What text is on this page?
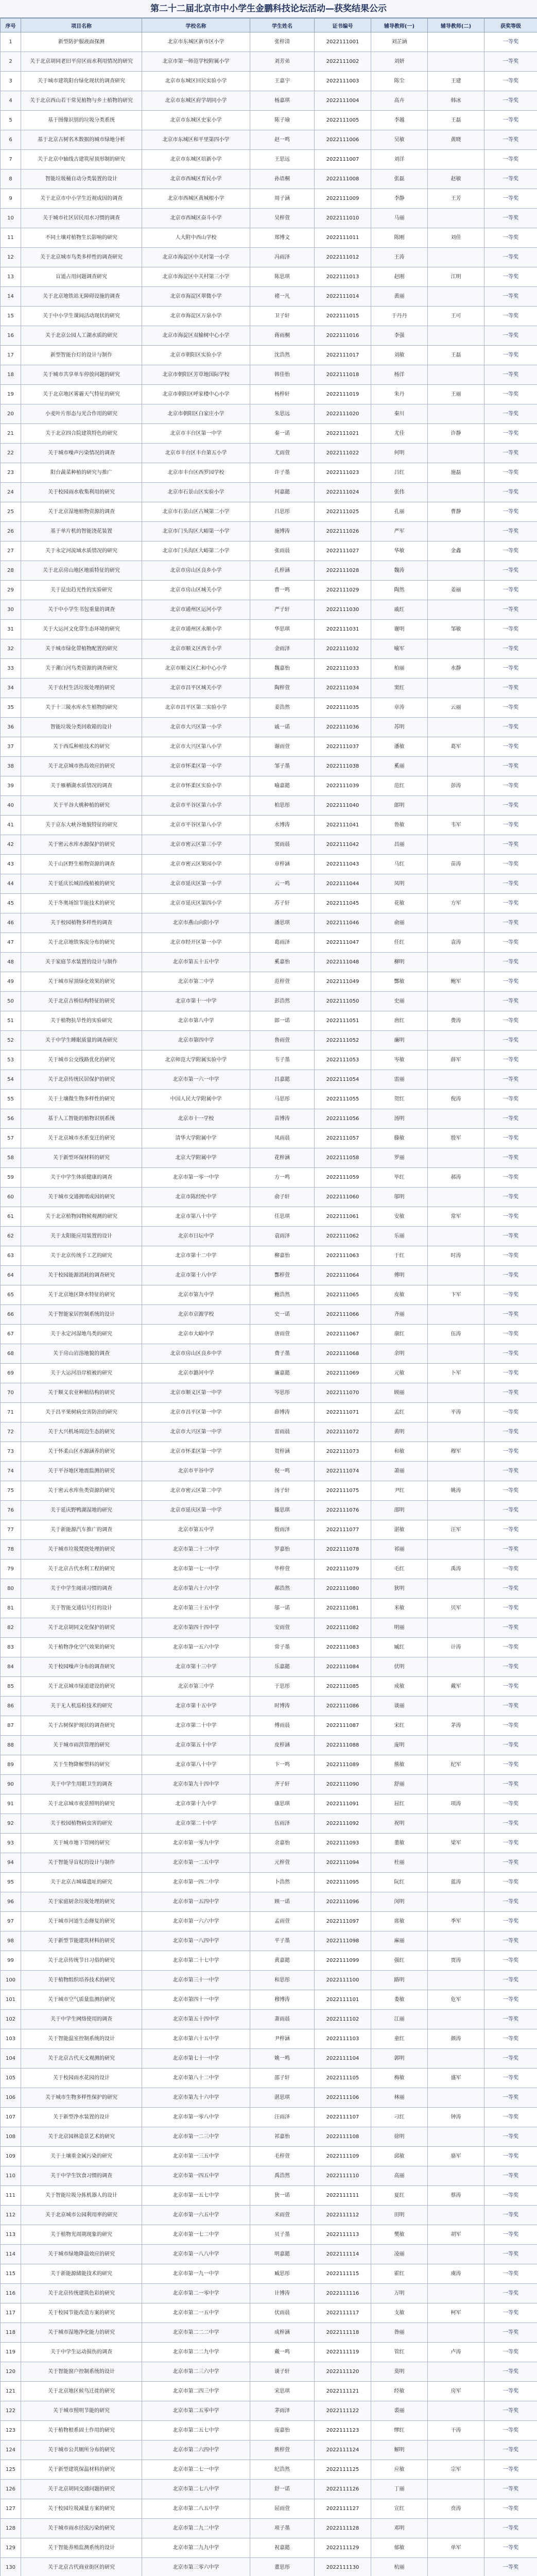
第二十二届北京市中小学生金鹏科技论坛活动—获奖结果公示
序号	项目名称	学校名称	学生姓名	证书编号	辅导教师(一)	辅导教师(二)	获奖等级
1	新型防护服液面探测	北京市东城区新市区小学	张梓清	2022111001	刘芷涵		一等奖
2	关于北京胡同老旧平房区雨水利用情况的研究	北京市第一师范学校附属小学	刘芳弟	2022111002	刘妍		一等奖
3	关于城市建筑阳台绿化现状的调查研究	北京市东城区回民实验小学	王嘉宇	2022111003	陈尘	王建	一等奖
4	关于北京西山若干常见植物与乡土植物的研究	北京市东城区府学胡同小学	杨嘉琪	2022111004	高卉	韩冰	一等奖
5	基于图像识别的垃圾分类系统	北京市东城区史家小学	陈子瑜	2022111005	李越	王磊	一等奖
6	基于北京古树名木数据的城市绿地分析	北京市东城区和平里第四小学	赵一鸣	2022111006	吴敏	黄晓	一等奖
7	关于北京中轴线古建筑屋顶形制的研究	北京市东城区培新小学	王思远	2022111007	刘洋		一等奖
8	智能垃圾桶自动分类装置的设计	北京市西城区育民小学	孙语桐	2022111008	张磊	赵敏	一等奖
9	关于北京市中小学生近视成因的调查	北京市西城区黄城根小学	周子涵	2022111009	李静	王芳	一等奖
10	关于城市社区居民用水习惯的调查	北京市西城区奋斗小学	吴梓萱	2022111010	马丽		一等奖
11	不同土壤对植物生长影响的研究	人大附中西山学校	郑博文	2022111011	陈刚	刘佳	一等奖
12	关于北京城市鸟类多样性的调查研究	北京市海淀区中关村第一小学	冯雨泽	2022111012	王涛		一等奖
13	盲道占用问题调查研究	北京市海淀区中关村第三小学	陈思琪	2022111013	赵刚	江明	一等奖
14	关于北京地铁站无障碍设施的调查	北京市海淀区翠微小学	褚一凡	2022111014	黄丽		一等奖
15	关于中小学生课间活动现状的研究	北京市海淀区万泉小学	卫子轩	2022111015	于丹丹	王可	一等奖
16	关于北京公园人工湖水质的研究	北京市海淀区双榆树中心小学	蒋雨桐	2022111016	李强		一等奖
17	新型智能台灯的设计与制作	北京市朝阳区实验小学	沈浩然	2022111017	刘敏	王磊	一等奖
18	关于城市共享单车停放问题的研究	北京市朝阳区芳草地国际学校	韩佳怡	2022111018	杨洋		一等奖
19	关于北京地区雾霾天气特征的研究	北京市朝阳区呼家楼中心小学	杨梓轩	2022111019	朱丹	王丽	一等奖
20	小麦叶片形态与光合作用的研究	北京市朝阳区白家庄小学	朱思远	2022111020	秦川		一等奖
21	关于北京四合院建筑特色的研究	北京市丰台区第一中学	秦一诺	2022111021	尤佳	许静	一等奖
22	关于城市噪声污染情况的调查	北京市丰台区丰台第五小学	尤雨萱	2022111022	何明		一等奖
23	阳台蔬菜种植的研究与推广	北京市丰台区西罗园学校	许子墨	2022111023	吕红	施磊	一等奖
24	关于校园雨水收集利用的研究	北京市石景山区实验小学	何嘉懿	2022111024	张伟		一等奖
25	关于北京湿地植物资源的调查	北京市石景山区古城第二小学	吕思彤	2022111025	孔丽	曹静	一等奖
26	基于单片机的智能浇花装置	北京市门头沟区大峪第一小学	施博涛	2022111026	严军		一等奖
27	关于永定河流域水质情况的研究	北京市门头沟区大峪第二小学	张雨晨	2022111027	华敏	金鑫	一等奖
28	关于北京房山地区地质特征的研究	北京市房山区良乡小学	孔梓涵	2022111028	魏涛		一等奖
29	关于昆虫趋光性的实验研究	北京市房山区城关小学	曹一鸣	2022111029	陶然	姜丽	一等奖
30	关于中小学生书包重量的调查	北京市通州区运河小学	严子轩	2022111030	戚红		一等奖
31	关于大运河文化带生态环境的研究	北京市通州区永顺小学	华思琪	2022111031	谢明	邹敏	一等奖
32	关于城市绿化带植物配置的研究	北京市顺义区西辛小学	金雨泽	2022111032	喻军		一等奖
33	关于潮白河鸟类资源的调查研究	北京市顺义区仁和中心小学	魏嘉怡	2022111033	柏丽	水静	一等奖
34	关于农村生活垃圾处理的研究	北京市昌平区城关小学	陶梓萱	2022111034	窦红		一等奖
35	关于十三陵水库水生植物的研究	北京市昌平区第二实验小学	姜浩然	2022111035	章涛	云丽	一等奖
36	智能垃圾分类回收箱的设计	北京市大兴区第一小学	戚一诺	2022111036	苏明		一等奖
37	关于西瓜种植技术的研究	北京市大兴区第八小学	谢雨萱	2022111037	潘敏	葛军	一等奖
38	关于北京城市热岛效应的研究	北京市怀柔区第一小学	邹子墨	2022111038	奚丽		一等奖
39	关于雁栖湖水质情况的调查	北京市怀柔区实验小学	喻嘉懿	2022111039	范红	彭涛	一等奖
40	关于平谷大桃种植的研究	北京市平谷区第六小学	柏思彤	2022111040	郎明		一等奖
41	关于京东大峡谷地貌特征的研究	北京市平谷区第八小学	水博涛	2022111041	鲁敏	韦军	一等奖
42	关于密云水库水源保护的研究	北京市密云区第三小学	窦雨晨	2022111042	昌丽		一等奖
43	关于山区野生植物资源的调查	北京市密云区果园小学	章梓涵	2022111043	马红	苗涛	一等奖
44	关于延庆长城沿线植被的研究	北京市延庆区第一小学	云一鸣	2022111044	凤明		一等奖
45	关于冬奥场馆节能技术的研究	北京市延庆区第四小学	苏子轩	2022111045	花敏	方军	一等奖
46	关于校园植物多样性的调查	北京市燕山向阳小学	潘思琪	2022111046	俞丽		一等奖
47	关于北京地铁客流分布的研究	北京市经开区第一小学	葛雨泽	2022111047	任红	袁涛	一等奖
48	关于家庭节水装置的设计与制作	北京市第五十五中学	奚嘉怡	2022111048	柳明		一等奖
49	关于城市屋顶绿化效果的研究	北京市第二中学	范梓萱	2022111049	酆敏	鲍军	一等奖
50	关于北京古桥结构特征的研究	北京市第十一中学	彭浩然	2022111050	史丽		一等奖
51	关于植物抗旱性的实验研究	北京市第八中学	郎一诺	2022111051	唐红	费涛	一等奖
52	关于中学生睡眠质量的调查研究	北京市第四中学	鲁雨萱	2022111052	廉明		一等奖
53	关于城市公交线路优化的研究	北京师范大学附属实验中学	韦子墨	2022111053	岑敏	薛军	一等奖
54	关于北京传统民居保护的研究	北京市第一六一中学	昌嘉懿	2022111054	雷丽		一等奖
55	关于土壤微生物多样性的研究	中国人民大学附属中学	马思彤	2022111055	贺红	倪涛	一等奖
56	基于人工智能的植物识别系统	北京市十一学校	苗博涛	2022111056	汤明		一等奖
57	关于北京城市水系变迁的研究	清华大学附属中学	凤雨晨	2022111057	滕敏	殷军	一等奖
58	关于新型环保材料的研究	北京大学附属中学	花梓涵	2022111058	罗丽		一等奖
59	关于中学生体质健康的调查	北京市第一零一中学	方一鸣	2022111059	毕红	郝涛	一等奖
60	关于城市交通拥堵成因的研究	北京市陈经纶中学	俞子轩	2022111060	邬明		一等奖
61	关于北京植物园物候观测的研究	北京市第八十中学	任思琪	2022111061	安敏	常军	一等奖
62	关于太阳能应用装置的设计	北京市日坛中学	袁雨泽	2022111062	乐丽		一等奖
63	关于北京传统手工艺的研究	北京市第十二中学	柳嘉怡	2022111063	于红	时涛	一等奖
64	关于校园能源消耗的调查研究	北京市第十八中学	酆梓萱	2022111064	傅明		一等奖
65	关于北京地区降水特征的研究	北京市第九中学	鲍浩然	2022111065	皮敏	卞军	一等奖
66	关于智能家居控制系统的设计	北京市京源学校	史一诺	2022111066	齐丽		一等奖
67	关于永定河湿地鸟类的研究	北京市大峪中学	唐雨萱	2022111067	康红	伍涛	一等奖
68	关于房山岩溶地貌的调查	北京市房山区良乡中学	费子墨	2022111068	余明		一等奖
69	关于大运河沿岸植被的研究	北京市潞河中学	廉嘉懿	2022111069	元敏	卜军	一等奖
70	关于顺义农业种植结构的研究	北京市顺义区第一中学	岑思彤	2022111070	顾丽		一等奖
71	关于昌平果树病虫害防治的研究	北京市昌平区第一中学	薛博涛	2022111071	孟红	平涛	一等奖
72	关于大兴机场周边生态的研究	北京市大兴区第一中学	雷雨晨	2022111072	黄明		一等奖
73	关于怀柔山区水源涵养的研究	北京市怀柔区第一中学	贺梓涵	2022111073	和敏	穆军	一等奖
74	关于平谷地区地震监测的研究	北京市平谷中学	倪一鸣	2022111074	萧丽		一等奖
75	关于密云水库鱼类资源的研究	北京市密云区第二中学	汤子轩	2022111075	尹红	姚涛	一等奖
76	关于延庆野鸭湖湿地的研究	北京市延庆区第一中学	滕思琪	2022111076	邵明		一等奖
77	关于新能源汽车推广的调查	北京市第五中学	殷雨泽	2022111077	湛敏	汪军	一等奖
78	关于城市垃圾焚烧处理的研究	北京市第二十二中学	罗嘉怡	2022111078	祁丽		一等奖
79	关于北京古代水利工程的研究	北京市第一七一中学	毕梓萱	2022111079	毛红	禹涛	一等奖
80	关于中学生阅读习惯的调查	北京市第六十六中学	郝浩然	2022111080	狄明		一等奖
81	关于智能交通信号灯的设计	北京市第三十五中学	邬一诺	2022111081	米敏	贝军	一等奖
82	关于北京胡同文化保护的研究	北京市第四十四中学	安雨萱	2022111082	明丽		一等奖
83	关于植物净化空气效果的研究	北京市第一五六中学	常子墨	2022111083	臧红	计涛	一等奖
84	关于校园噪声分布的调查研究	北京市第十三中学	乐嘉懿	2022111084	伏明		一等奖
85	关于北京城市绿道建设的研究	北京市第三中学	于思彤	2022111085	成敏	戴军	一等奖
86	关于无人机巡检技术的研究	北京市第十五中学	时博涛	2022111086	谈丽		一等奖
87	关于古树保护现状的调查研究	北京市第二十中学	傅雨晨	2022111087	宋红	茅涛	一等奖
88	关于城市雨洪管理的研究	北京市第五十中学	皮梓涵	2022111088	庞明		一等奖
89	关于生物降解塑料的研究	北京市第八十中学	卞一鸣	2022111089	熊敏	纪军	一等奖
90	关于中学生用眼卫生的调查	北京市第九十四中学	齐子轩	2022111090	舒丽		一等奖
91	关于北京城市夜景照明的研究	北京市第十九中学	康思琪	2022111091	屈红	项涛	一等奖
92	关于校园植物病虫害的研究	北京市第二十中学	伍雨泽	2022111092	祝明		一等奖
93	关于城市地下管网的研究	北京市第一零九中学	余嘉怡	2022111093	董敏	梁军	一等奖
94	关于智能导盲杖的设计与制作	北京市第一二五中学	元梓萱	2022111094	杜丽		一等奖
95	关于北京古城墙遗址的研究	北京市第一四二中学	卜浩然	2022111095	阮红	蓝涛	一等奖
96	关于家庭厨余垃圾处理的研究	北京市第一五四中学	顾一诺	2022111096	闵明		一等奖
97	关于城市河道生态修复的研究	北京市第一六六中学	孟雨萱	2022111097	席敏	季军	一等奖
98	关于新型节能建筑材料的研究	北京市第一八四中学	平子墨	2022111098	麻丽		一等奖
99	关于北京传统节日习俗的研究	北京市第二十七中学	黄嘉懿	2022111099	强红	贾涛	一等奖
100	关于植物组织培养技术的研究	北京市第三十一中学	和思彤	2022111100	路明		一等奖
101	关于城市空气质量监测的研究	北京市第四十一中学	穆博涛	2022111101	娄敏	危军	一等奖
102	关于中学生网络使用的调查	北京市第五十四中学	萧雨晨	2022111102	江丽		一等奖
103	关于智能温室控制系统的设计	北京市第六十五中学	尹梓涵	2022111103	童红	颜涛	一等奖
104	关于北京古代天文观测的研究	北京市第七十一中学	姚一鸣	2022111104	郭明		一等奖
105	关于校园雨水花园的设计	北京市第八十二中学	邵子轩	2022111105	梅敏	盛军	一等奖
106	关于城市生物多样性保护的研究	北京市第九十六中学	湛思琪	2022111106	林丽		一等奖
107	关于新型净水装置的设计	北京市第一零八中学	汪雨泽	2022111107	刁红	钟涛	一等奖
108	关于北京园林造景艺术的研究	北京市第一二三中学	祁嘉怡	2022111108	徐明		一等奖
109	关于土壤重金属污染的研究	北京市第一三五中学	毛梓萱	2022111109	邱敏	骆军	一等奖
110	关于中学生饮食习惯的调查	北京市第一四五中学	禹浩然	2022111110	高丽		一等奖
111	关于智能垃圾分拣机器人的设计	北京市第一五七中学	狄一诺	2022111111	夏红	蔡涛	一等奖
112	关于北京城市公园利用率的研究	北京市第一六五中学	米雨萱	2022111112	田明		一等奖
113	关于植物光周期现象的研究	北京市第一七二中学	贝子墨	2022111113	樊敏	胡军	一等奖
114	关于城市绿地降温效应的研究	北京市第一八八中学	明嘉懿	2022111114	凌丽		一等奖
115	关于新能源储能技术的研究	北京市第一九一中学	臧思彤	2022111115	霍红	虞涛	一等奖
116	关于北京传统建筑色彩的研究	北京市第二一零中学	计博涛	2022111116	万明		一等奖
117	关于校园节能改造方案的研究	北京市第二一五中学	伏雨晨	2022111117	支敏	柯军	一等奖
118	关于城市湿地净化能力的研究	北京市第二二二中学	成梓涵	2022111118	昝丽		一等奖
119	关于中学生运动损伤的调查	北京市第二二九中学	戴一鸣	2022111119	管红	卢涛	一等奖
120	关于智能窗户控制系统的设计	北京市第二三六中学	谈子轩	2022111120	莫明		一等奖
121	关于北京地区候鸟迁徙的研究	北京市第二四三中学	宋思琪	2022111121	经敏	房军	一等奖
122	关于城市照明节能的研究	北京市第二五零中学	茅雨泽	2022111122	裘丽		一等奖
123	关于植物根系固土作用的研究	北京市第二五七中学	庞嘉怡	2022111123	缪红	干涛	一等奖
124	关于城市公共厕所分布的研究	北京市第二六四中学	熊梓萱	2022111124	解明		一等奖
125	关于新型建筑保温材料的研究	北京市第二七一中学	纪浩然	2022111125	应敏	宗军	一等奖
126	关于北京胡同交通问题的研究	北京市第二七八中学	舒一诺	2022111126	丁丽		一等奖
127	关于校园垃圾减量方案的研究	北京市第二八五中学	屈雨萱	2022111127	宣红	贲涛	一等奖
128	关于城市雨水径流污染的研究	北京市第二九二中学	项子墨	2022111128	邓明		一等奖
129	关于智能养殖监测系统的设计	北京市第二九九中学	祝嘉懿	2022111129	郁敏	单军	一等奖
130	关于北京古代商业街区的研究	北京市第三零六中学	董思彤	2022111130	杭丽		一等奖
